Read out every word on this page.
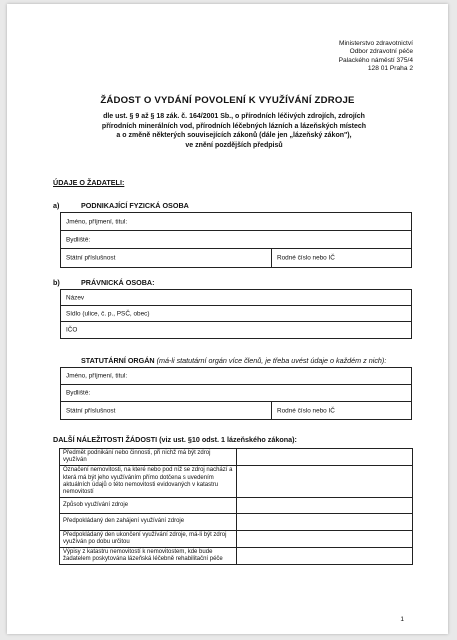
Ministerstvo zdravotnictví
Odbor zdravotní péče
Palackého náměstí 375/4
128 01 Praha 2
ŽÁDOST O VYDÁNÍ POVOLENÍ K VYUŽÍVÁNÍ ZDROJE
dle ust. § 9 až § 18 zák. č. 164/2001 Sb., o přírodních léčivých zdrojích, zdrojích
přírodních minerálních vod, přírodních léčebných lázních a lázeňských místech
a o změně některých souvisejících zákonů (dále jen „lázeňský zákon"),
ve znění pozdějších předpisů
ÚDAJE O ŽADATELI:
a)	PODNIKAJÍCÍ FYZICKÁ OSOBA
Jméno, příjmení, titul:
Bydliště:
Státní příslušnost	Rodné číslo nebo IČ
b)	PRÁVNICKÁ OSOBA:
Název
Sídlo (ulice, č. p., PSČ, obec)
IČO
STATUTÁRNÍ ORGÁN (má-li statutární orgán více členů, je třeba uvést údaje o každém z nich):
Jméno, příjmení, titul:
Bydliště:
Státní příslušnost	Rodné číslo nebo IČ
DALŠÍ NÁLEŽITOSTI ŽÁDOSTI (viz ust. §10 odst. 1 lázeňského zákona):
Předmět podnikání nebo činnosti, při nichž má být zdroj využíván	
Označení nemovitosti, na které nebo pod níž se zdroj nachází a která má být jeho využíváním přímo dotčena s uvedením aktuálních údajů o této nemovitosti evidovaných v katastru nemovitostí	
Způsob využívání zdroje	
Předpokládaný den zahájení využívání zdroje	
Předpokládaný den ukončení využívání zdroje, má-li být zdroj využíván po dobu určitou	
Výpisy z katastru nemovitostí k nemovitostem, kde bude žadatelem poskytována lázeňská léčebně rehabilitační péče	
1
